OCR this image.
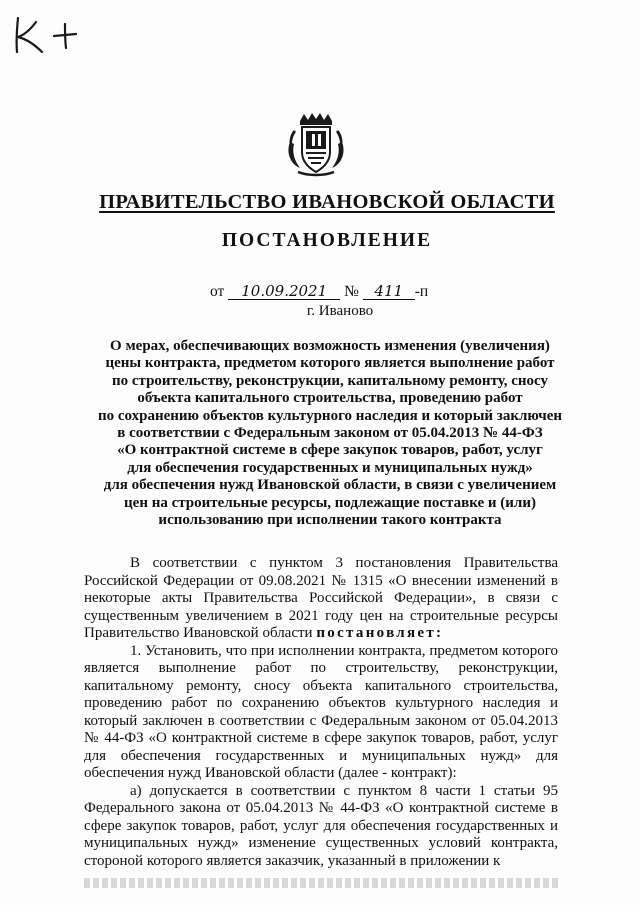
ПРАВИТЕЛЬСТВО ИВАНОВСКОЙ ОБЛАСТИ
ПОСТАНОВЛЕНИЕ
от 10.09.2021 № 411 -п
г. Иваново
О мерах, обеспечивающих возможность изменения (увеличения)
цены контракта, предметом которого является выполнение работ
по строительству, реконструкции, капитальному ремонту, сносу
объекта капитального строительства, проведению работ
по сохранению объектов культурного наследия и который заключен
в соответствии с Федеральным законом от 05.04.2013 № 44-ФЗ
«О контрактной системе в сфере закупок товаров, работ, услуг
для обеспечения государственных и муниципальных нужд»
для обеспечения нужд Ивановской области, в связи с увеличением
цен на строительные ресурсы, подлежащие поставке и (или)
использованию при исполнении такого контракта

В соответствии с пунктом 3 постановления Правительства Российской Федерации от 09.08.2021 № 1315 «О внесении изменений в некоторые акты Правительства Российской Федерации», в связи с существенным увеличением в 2021 году цен на строительные ресурсы Правительство Ивановской области постановляет:

1. Установить, что при исполнении контракта, предметом которого является выполнение работ по строительству, реконструкции, капитальному ремонту, сносу объекта капитального строительства, проведению работ по сохранению объектов культурного наследия и который заключен в соответствии с Федеральным законом от 05.04.2013 № 44-ФЗ «О контрактной системе в сфере закупок товаров, работ, услуг для обеспечения государственных и муниципальных нужд» для обеспечения нужд Ивановской области (далее - контракт):

а) допускается в соответствии с пунктом 8 части 1 статьи 95 Федерального закона от 05.04.2013 № 44-ФЗ «О контрактной системе в сфере закупок товаров, работ, услуг для обеспечения государственных и муниципальных нужд» изменение существенных условий контракта, стороной которого является заказчик, указанный в приложении к
